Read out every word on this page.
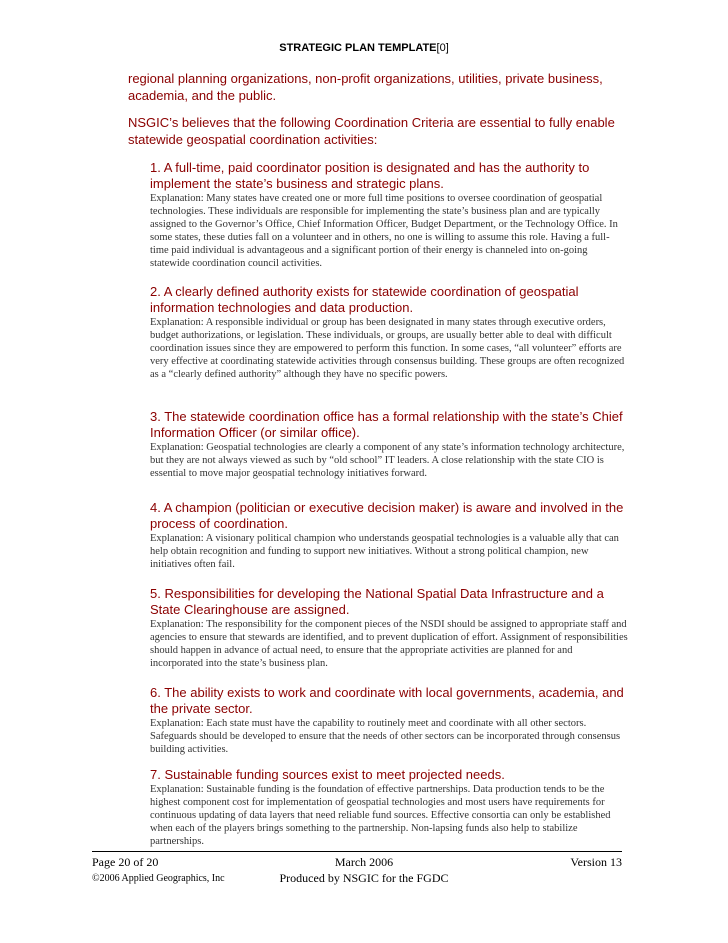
STRATEGIC PLAN TEMPLATE[0]
regional planning organizations, non-profit organizations, utilities, private business, academia, and the public.
NSGIC’s believes that the following Coordination Criteria are essential to fully enable statewide geospatial coordination activities:

1. A full-time, paid coordinator position is designated and has the authority to implement the state’s business and strategic plans.

Explanation: Many states have created one or more full time positions to oversee coordination of geospatial technologies. These individuals are responsible for implementing the state’s business plan and are typically assigned to the Governor’s Office, Chief Information Officer, Budget Department, or the Technology Office. In some states, these duties fall on a volunteer and in others, no one is willing to assume this role. Having a full-time paid individual is advantageous and a significant portion of their energy is channeled into on-going statewide coordination council activities.

2. A clearly defined authority exists for statewide coordination of geospatial information technologies and data production.

Explanation: A responsible individual or group has been designated in many states through executive orders, budget authorizations, or legislation. These individuals, or groups, are usually better able to deal with difficult coordination issues since they are empowered to perform this function. In some cases, “all volunteer” efforts are very effective at coordinating statewide activities through consensus building. These groups are often recognized as a “clearly defined authority” although they have no specific powers.

3. The statewide coordination office has a formal relationship with the state’s Chief Information Officer (or similar office).

Explanation: Geospatial technologies are clearly a component of any state’s information technology architecture, but they are not always viewed as such by “old school” IT leaders. A close relationship with the state CIO is essential to move major geospatial technology initiatives forward.

4. A champion (politician or executive decision maker) is aware and involved in the process of coordination.

Explanation: A visionary political champion who understands geospatial technologies is a valuable ally that can help obtain recognition and funding to support new initiatives. Without a strong political champion, new initiatives often fail.

5. Responsibilities for developing the National Spatial Data Infrastructure and a State Clearinghouse are assigned.

Explanation: The responsibility for the component pieces of the NSDI should be assigned to appropriate staff and agencies to ensure that stewards are identified, and to prevent duplication of effort. Assignment of responsibilities should happen in advance of actual need, to ensure that the appropriate activities are planned for and incorporated into the state’s business plan.

6. The ability exists to work and coordinate with local governments, academia, and the private sector.

Explanation: Each state must have the capability to routinely meet and coordinate with all other sectors. Safeguards should be developed to ensure that the needs of other sectors can be incorporated through consensus building activities.

7. Sustainable funding sources exist to meet projected needs.

Explanation: Sustainable funding is the foundation of effective partnerships. Data production tends to be the highest component cost for implementation of geospatial technologies and most users have requirements for continuous updating of data layers that need reliable fund sources. Effective consortia can only be established when each of the players brings something to the partnership. Non-lapsing funds also help to stabilize partnerships.

Page 20 of 20	March 2006	Version 13
©2006 Applied Geographics, Inc	Produced by NSGIC for the FGDC
